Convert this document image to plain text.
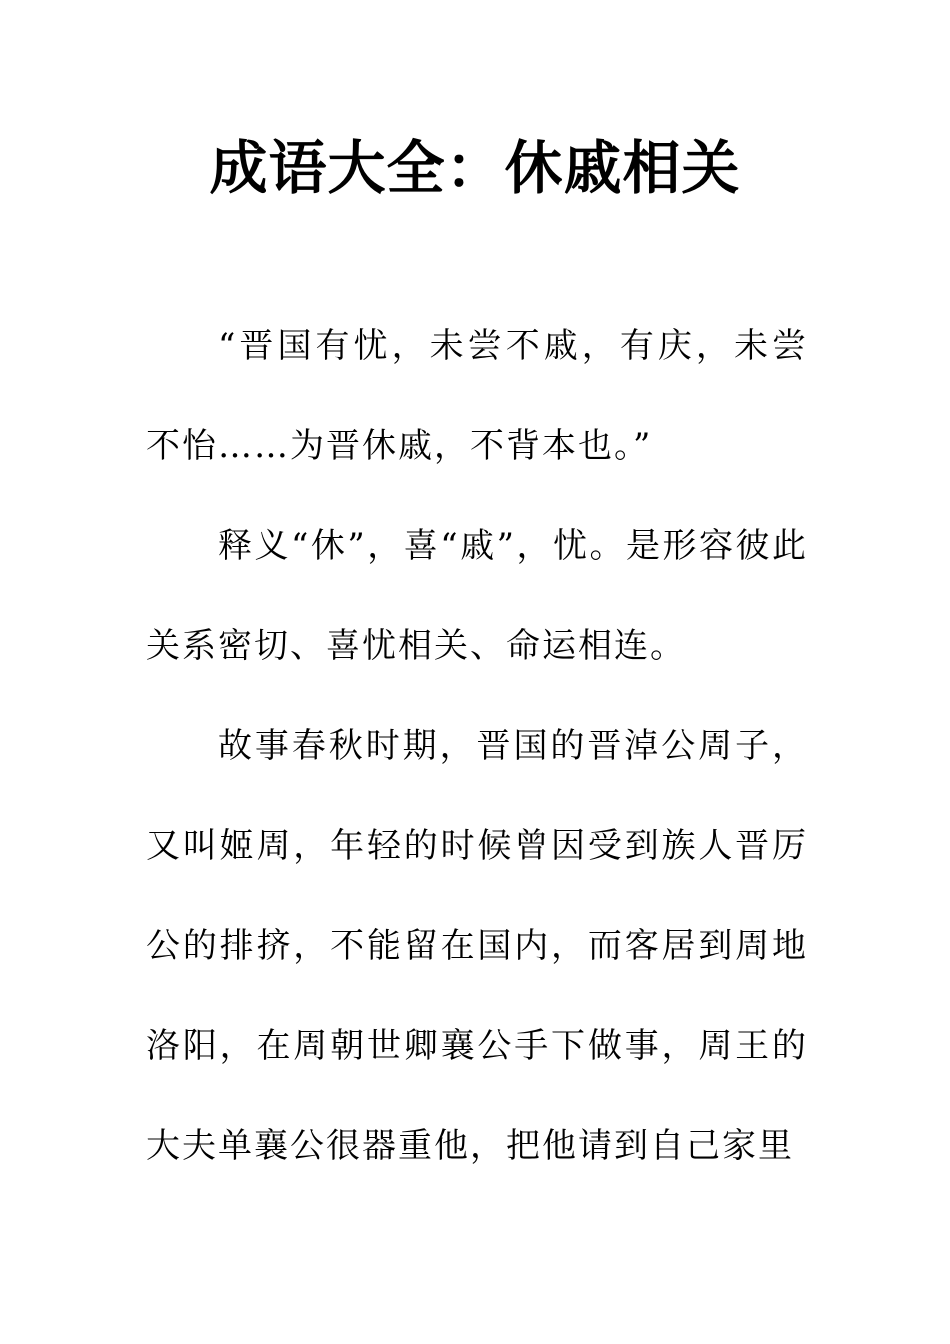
成语大全：休戚相关

“晋国有忧，未尝不戚，有庆，未尝不怡……为晋休戚，不背本也。”

释义“休”，喜“戚”，忧。是形容彼此关系密切、喜忧相关、命运相连。

故事春秋时期，晋国的晋淖公周子，又叫姬周，年轻的时候曾因受到族人晋厉公的排挤，不能留在国内，而客居到周地洛阳，在周朝世卿襄公手下做事，周王的大夫单襄公很器重他，把他请到自己家里
